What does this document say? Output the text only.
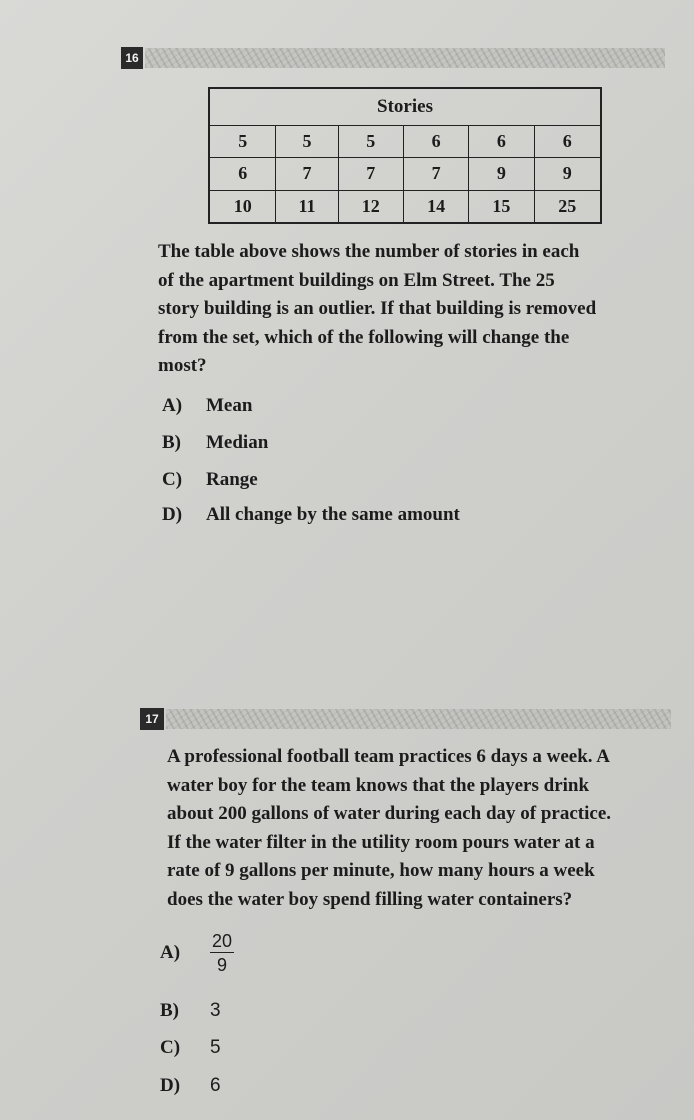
16
Stories					
5	5	5	6	6	6
6	7	7	7	9	9
10	11	12	14	15	25
The table above shows the number of stories in each
of the apartment buildings on Elm Street. The 25
story building is an outlier. If that building is removed
from the set, which of the following will change the
most?
A) Mean
B) Median
C) Range
D) All change by the same amount
17
A professional football team practices 6 days a week. A
water boy for the team knows that the players drink
about 200 gallons of water during each day of practice.
If the water filter in the utility room pours water at a
rate of 9 gallons per minute, how many hours a week
does the water boy spend filling water containers?
$A) \frac{20}{9}$
B) 3
C) 5
D) 6
